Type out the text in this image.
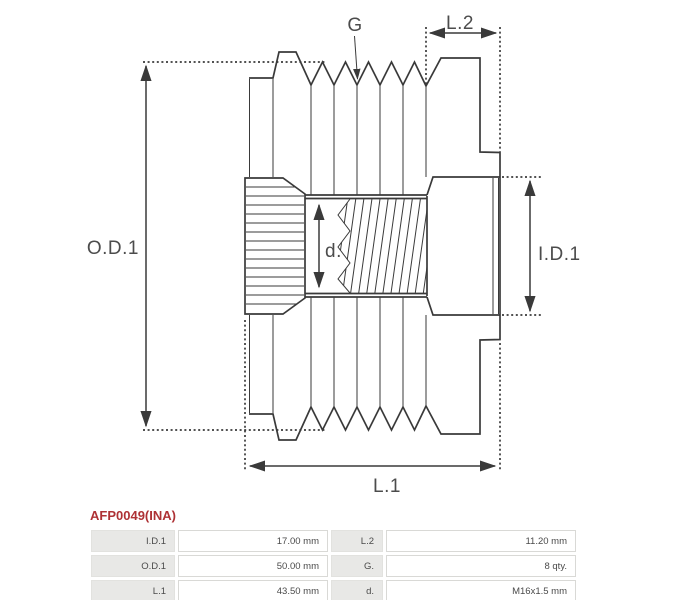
O.D.1
G	L.2
I.D.1
d.
L.1
AFP0049(INA)
I.D.1	17.00 mm	L.2	11.20 mm
O.D.1	50.00 mm	G.	8 qty.
L.1	43.50 mm	d.	M16x1.5 mm
